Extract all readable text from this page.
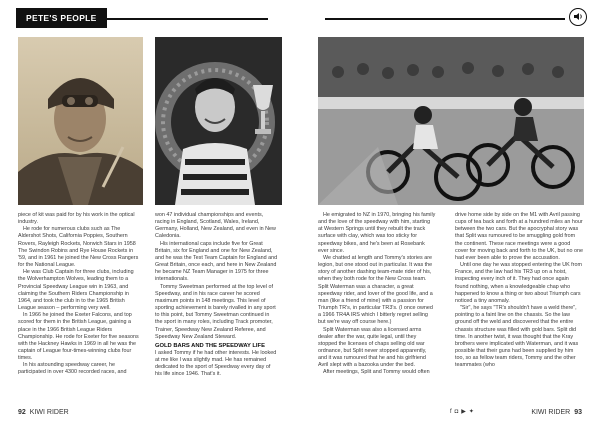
PETE'S PEOPLE

piece of kit was paid for by his work in the optical industry.

He rode for numerous clubs such as The Aldershot Shots, California Poppies, Southern Rovers, Rayleigh Rockets, Norwich Stars in 1958 The Swindon Robins and Rye House Rockets in '59, and in 1961 he joined the New Cross Rangers for the National League.

He was Club Captain for three clubs, including the Wolverhampton Wolves, leading them to a Provincial Speedway League win in 1963, and claiming the Southern Riders Championship in 1964, and took the club in to the 1965 British League season – performing very well.

In 1966 he joined the Exeter Falcons, and top scored for them in the British League, gaining a place in the 1966 British League Riders Championship. He rode for Exeter for five seasons with the Hackney Hawks in 1969 in all he was the captain of League four-times-winning clubs four times.

In his astounding speedway career, he participated in over 4300 recorded races, and

won 47 individual championships and events, racing in England, Scotland, Wales, Ireland, Germany, Holland, New Zealand, and even in New Caledonia.

His international caps include five for Great Britain, six for England and one for New Zealand, and he was the Test Team Captain for England and Great Britain, once each, and here in New Zealand he became NZ Team Manager in 1975 for three internationals.

Tommy Sweetman performed at the top level of Speedway, and in his race career he scored maximum points in 148 meetings. This level of sporting achievement is barely rivalled in any sport to this point, but Tommy Sweetman continued in the sport in many roles, including Track promoter, Trainer, Speedway New Zealand Referee, and Speedway New Zealand Steward.

GOLD BARS AND THE SPEEDWAY LIFE

I asked Tommy if he had other interests. He looked at me like I was slightly mad. He has remained dedicated to the sport of Speedway every day of his life since 1946. That's it.

He emigrated to NZ in 1970, bringing his family and the love of the speedway with him, starting at Western Springs until they rebuilt the track surface with clay, which was too sticky for speedway bikes, and he's been at Rosebank ever since.

We chatted at length and Tommy's stories are legion, but one stood out in particular. It was the story of another dashing team-mate rider of his, when they both rode for the New Cross team. Split Waterman was a character, a great speedway rider, and lover of the good life, and a man (like a friend of mine) with a passion for Triumph TR's, in particular TR3's. (I once owned a 1966 TR4A IRS which I bitterly regret selling but we're way off course here.)

Split Waterman was also a licensed arms dealer after the war, quite legal, until they stopped the licenses of chaps selling old war ordnance, but Split never stopped apparently, and it was rumoured that he and his girlfriend Avril slept with a bazooka under the bed.

After meetings, Split and Tommy would often

drive home side by side on the M1 with Avril passing cups of tea back and forth at a hundred miles an hour between the two cars. But the apocryphal story was that Split was rumoured to be smuggling gold from the continent. These race meetings were a good cover for moving back and forth to the UK, but no one had ever been able to prove the accusation.

Until one day he was stopped entering the UK from France, and the law had his TR3 up on a hoist, inspecting every inch of it. They had once again found nothing, when a knowledgeable chap who happened to know a thing or two about Triumph cars noticed a tiny anomaly.

"Sir", he says "TR's shouldn't have a weld there", pointing to a faint line on the chassis. So the law ground off the weld and discovered that the entire chassis structure was filled with gold bars. Split did time. In another twist, it was thought that the Kray brothers were implicated with Waterman, and it was possible that their guns had been supplied by him too, so as fellow team riders, Tommy and the other teammates (who

92 KIWI RIDER	f◘▶✦	KIWI RIDER 93
